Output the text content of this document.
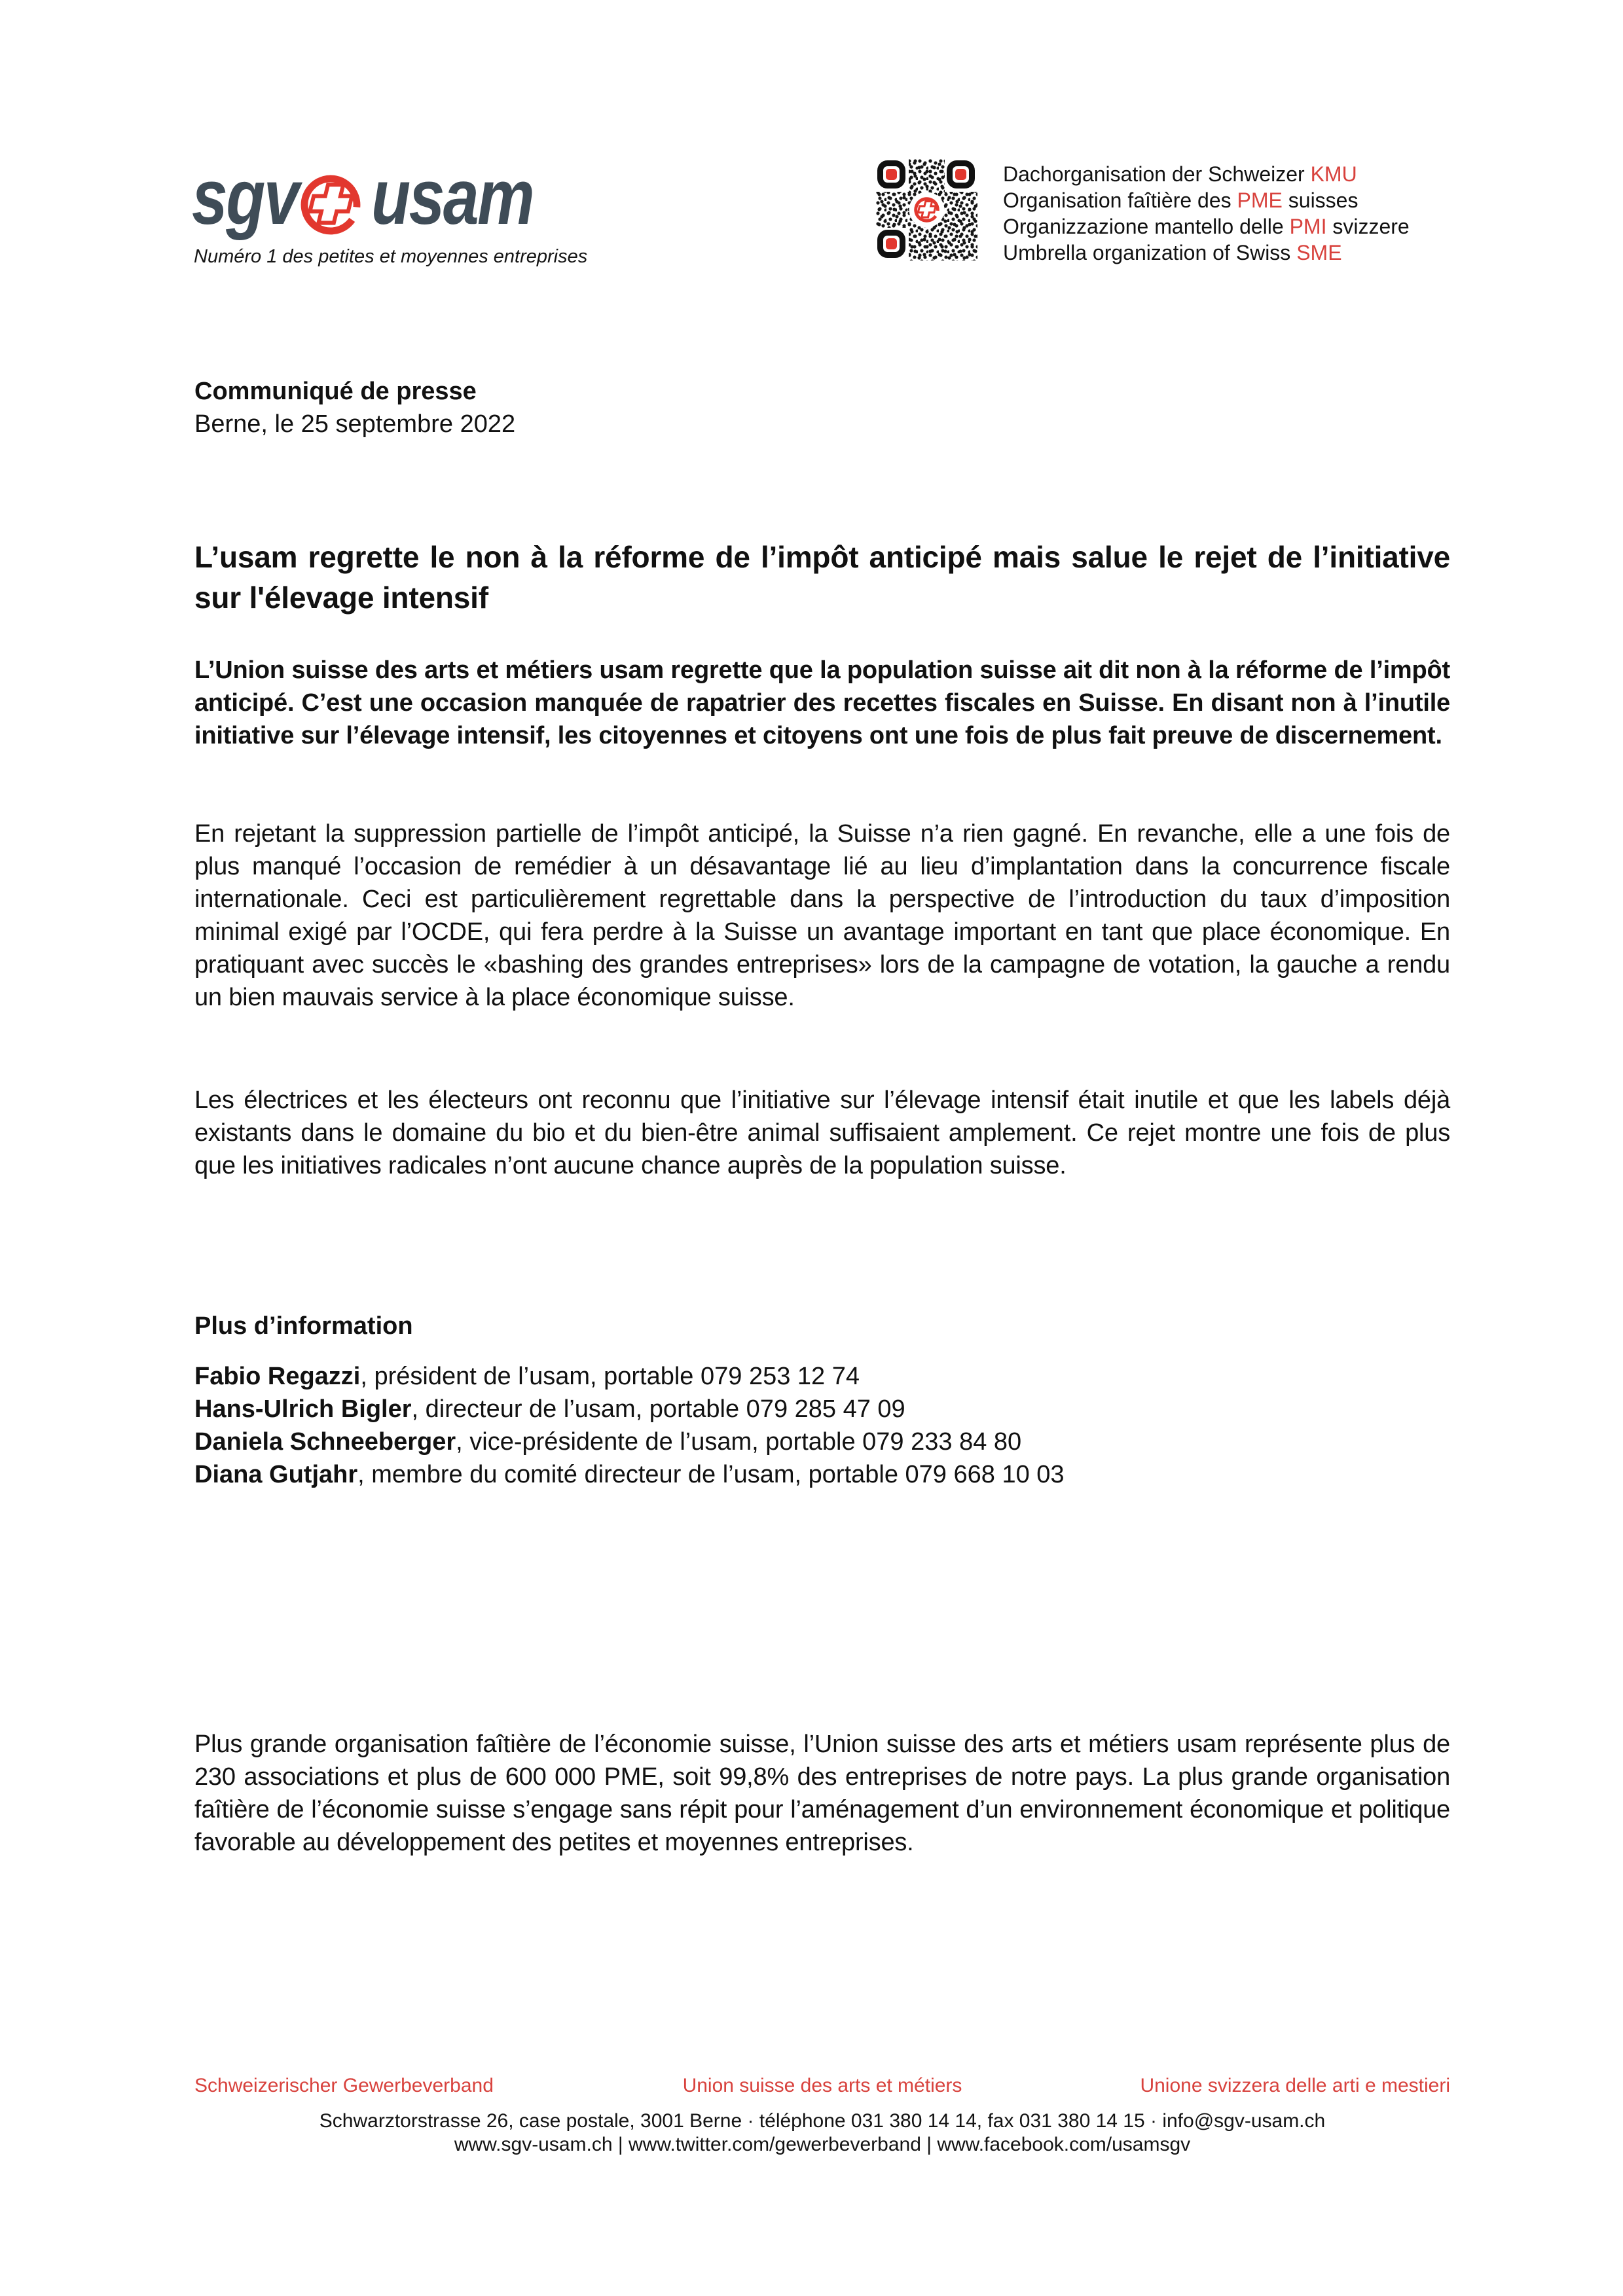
sgv usam
Numéro 1 des petites et moyennes entreprises
Dachorganisation der Schweizer KMU
Organisation faîtière des PME suisses
Organizzazione mantello delle PMI svizzere
Umbrella organization of Swiss SME
Communiqué de presse
Berne, le 25 septembre 2022
L’usam regrette le non à la réforme de l’impôt anticipé mais salue le rejet de l’initiative sur l'élevage intensif

L’Union suisse des arts et métiers usam regrette que la population suisse ait dit non à la réforme de l’impôt anticipé. C’est une occasion manquée de rapatrier des recettes fiscales en Suisse. En disant non à l’inutile initiative sur l’élevage intensif, les citoyennes et citoyens ont une fois de plus fait preuve de discernement.

En rejetant la suppression partielle de l’impôt anticipé, la Suisse n’a rien gagné. En revanche, elle a une fois de plus manqué l’occasion de remédier à un désavantage lié au lieu d’implantation dans la concurrence fiscale internationale. Ceci est particulièrement regrettable dans la perspective de l’introduction du taux d’imposition minimal exigé par l’OCDE, qui fera perdre à la Suisse un avantage important en tant que place économique. En pratiquant avec succès le «bashing des grandes entreprises» lors de la campagne de votation, la gauche a rendu un bien mauvais service à la place économique suisse.

Les électrices et les électeurs ont reconnu que l’initiative sur l’élevage intensif était inutile et que les labels déjà existants dans le domaine du bio et du bien-être animal suffisaient amplement. Ce rejet montre une fois de plus que les initiatives radicales n’ont aucune chance auprès de la population suisse.

Plus d’information
Fabio Regazzi, président de l’usam, portable 079 253 12 74
Hans-Ulrich Bigler, directeur de l’usam, portable 079 285 47 09
Daniela Schneeberger, vice-présidente de l’usam, portable 079 233 84 80
Diana Gutjahr, membre du comité directeur de l’usam, portable 079 668 10 03

Plus grande organisation faîtière de l’économie suisse, l’Union suisse des arts et métiers usam représente plus de 230 associations et plus de 600 000 PME, soit 99,8% des entreprises de notre pays. La plus grande organisation faîtière de l’économie suisse s’engage sans répit pour l’aménagement d’un environnement économique et politique favorable au développement des petites et moyennes entreprises.

Schweizerischer Gewerbeverband	Union suisse des arts et métiers	Unione svizzera delle arti e mestieri
Schwarztorstrasse 26, case postale, 3001 Berne · téléphone 031 380 14 14, fax 031 380 14 15 · info@sgv-usam.ch
www.sgv-usam.ch | www.twitter.com/gewerbeverband | www.facebook.com/usamsgv
